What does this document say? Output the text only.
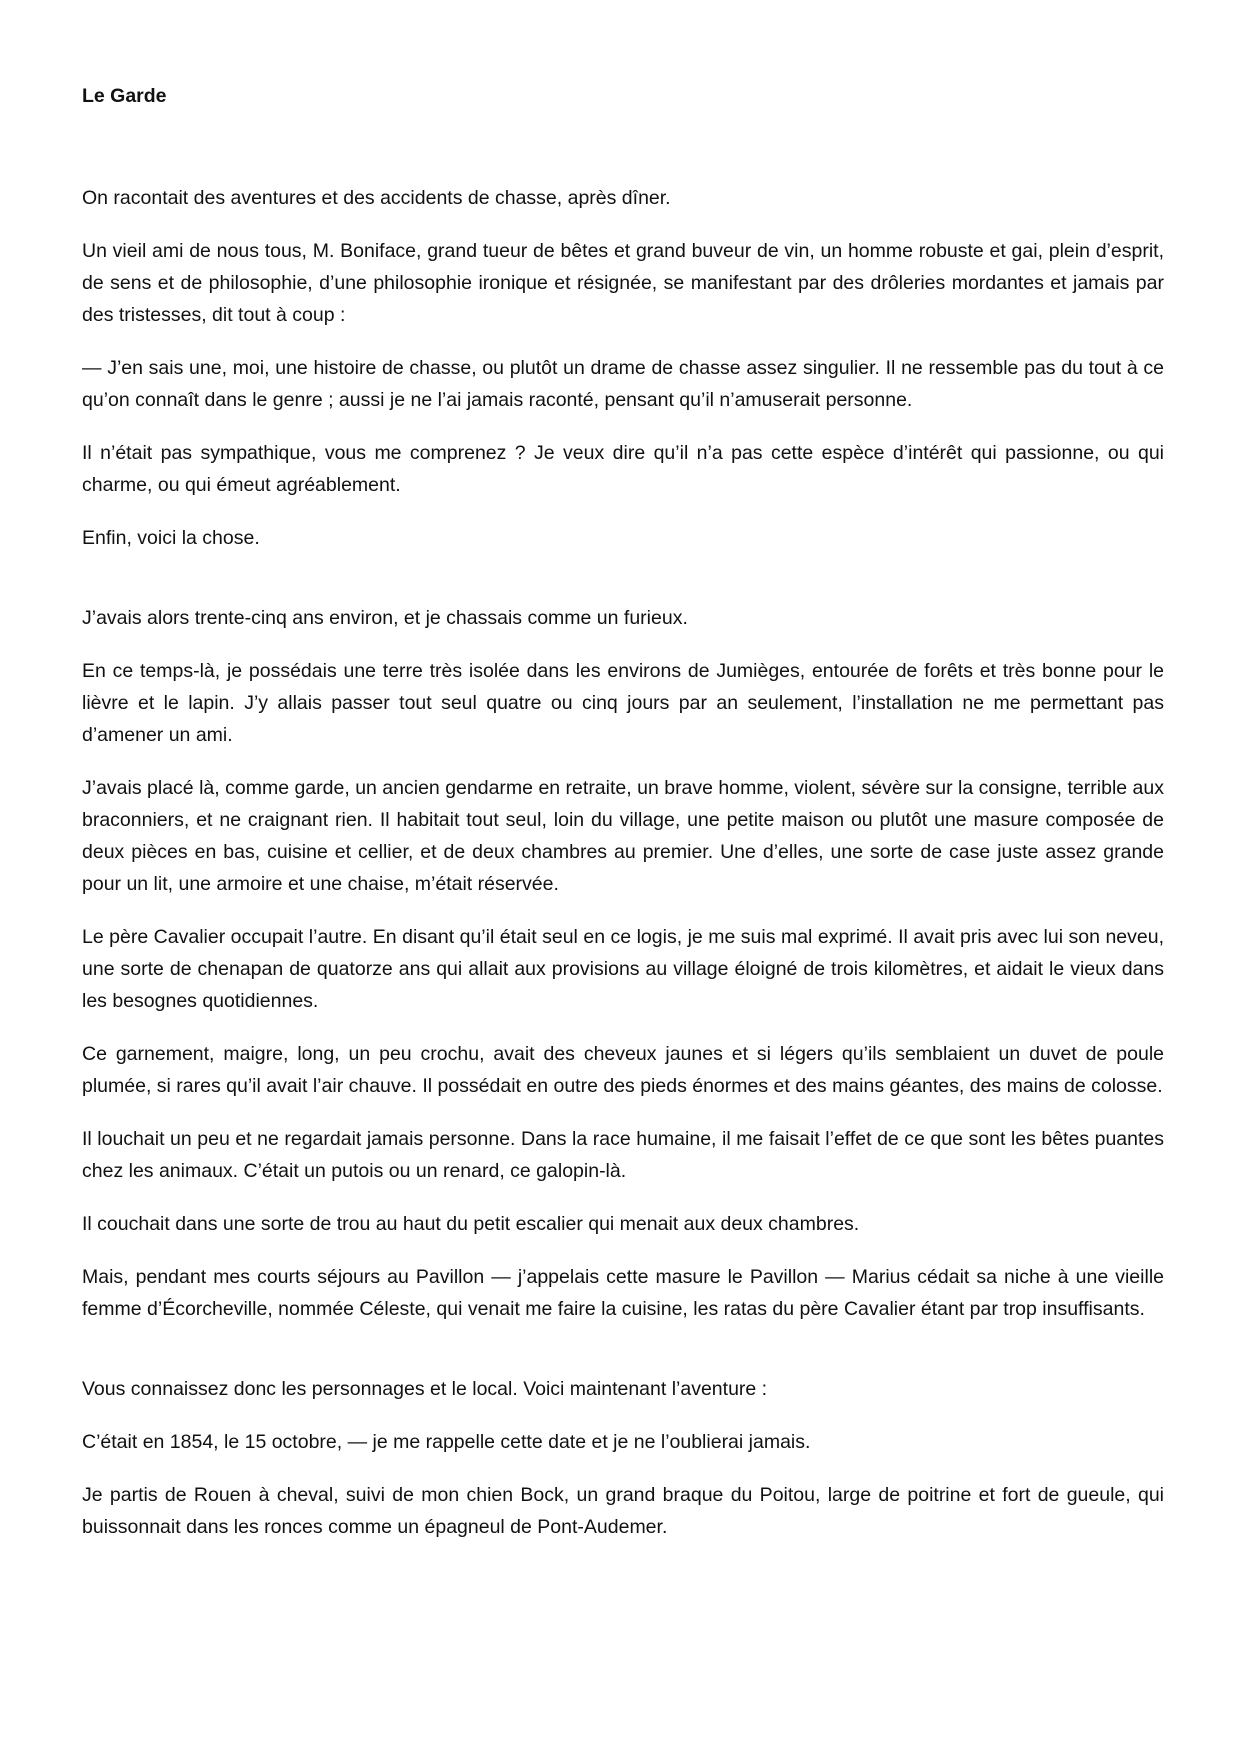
Le Garde

On racontait des aventures et des accidents de chasse, après dîner.

Un vieil ami de nous tous, M. Boniface, grand tueur de bêtes et grand buveur de vin, un homme robuste et gai, plein d’esprit, de sens et de philosophie, d’une philosophie ironique et résignée, se manifestant par des drôleries mordantes et jamais par des tristesses, dit tout à coup :

— J’en sais une, moi, une histoire de chasse, ou plutôt un drame de chasse assez singulier. Il ne ressemble pas du tout à ce qu’on connaît dans le genre ; aussi je ne l’ai jamais raconté, pensant qu’il n’amuserait personne.

Il n’était pas sympathique, vous me comprenez ? Je veux dire qu’il n’a pas cette espèce d’intérêt qui passionne, ou qui charme, ou qui émeut agréablement.

Enfin, voici la chose.

J’avais alors trente-cinq ans environ, et je chassais comme un furieux.

En ce temps-là, je possédais une terre très isolée dans les environs de Jumièges, entourée de forêts et très bonne pour le lièvre et le lapin. J’y allais passer tout seul quatre ou cinq jours par an seulement, l’installation ne me permettant pas d’amener un ami.

J’avais placé là, comme garde, un ancien gendarme en retraite, un brave homme, violent, sévère sur la consigne, terrible aux braconniers, et ne craignant rien. Il habitait tout seul, loin du village, une petite maison ou plutôt une masure composée de deux pièces en bas, cuisine et cellier, et de deux chambres au premier. Une d’elles, une sorte de case juste assez grande pour un lit, une armoire et une chaise, m’était réservée.

Le père Cavalier occupait l’autre. En disant qu’il était seul en ce logis, je me suis mal exprimé. Il avait pris avec lui son neveu, une sorte de chenapan de quatorze ans qui allait aux provisions au village éloigné de trois kilomètres, et aidait le vieux dans les besognes quotidiennes.

Ce garnement, maigre, long, un peu crochu, avait des cheveux jaunes et si légers qu’ils semblaient un duvet de poule plumée, si rares qu’il avait l’air chauve. Il possédait en outre des pieds énormes et des mains géantes, des mains de colosse.

Il louchait un peu et ne regardait jamais personne. Dans la race humaine, il me faisait l’effet de ce que sont les bêtes puantes chez les animaux. C’était un putois ou un renard, ce galopin-là.

Il couchait dans une sorte de trou au haut du petit escalier qui menait aux deux chambres.

Mais, pendant mes courts séjours au Pavillon — j’appelais cette masure le Pavillon — Marius cédait sa niche à une vieille femme d’Écorcheville, nommée Céleste, qui venait me faire la cuisine, les ratas du père Cavalier étant par trop insuffisants.

Vous connaissez donc les personnages et le local. Voici maintenant l’aventure :

C’était en 1854, le 15 octobre, — je me rappelle cette date et je ne l’oublierai jamais.

Je partis de Rouen à cheval, suivi de mon chien Bock, un grand braque du Poitou, large de poitrine et fort de gueule, qui buissonnait dans les ronces comme un épagneul de Pont-Audemer.
